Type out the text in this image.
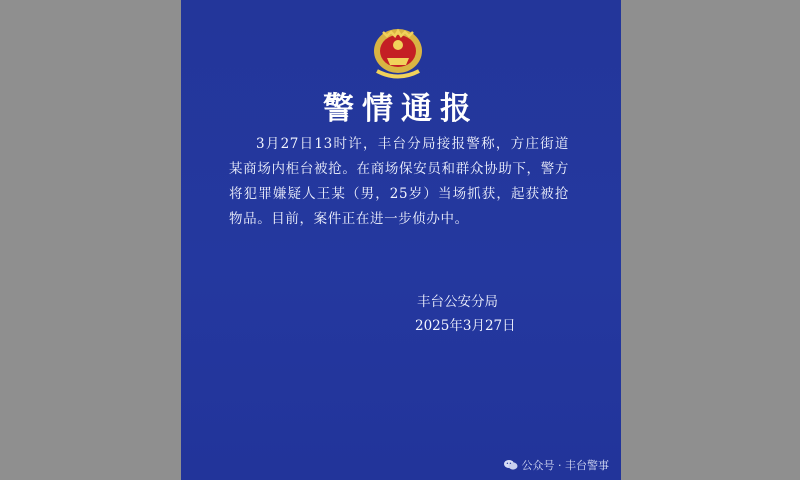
警情通报
3月27日13时许，丰台分局接报警称，方庄街道某商场内柜台被抢。在商场保安员和群众协助下，警方将犯罪嫌疑人王某（男，25岁）当场抓获，起获被抢物品。目前，案件正在进一步侦办中。
丰台公安分局
2025年3月27日
公众号 · 丰台警事
